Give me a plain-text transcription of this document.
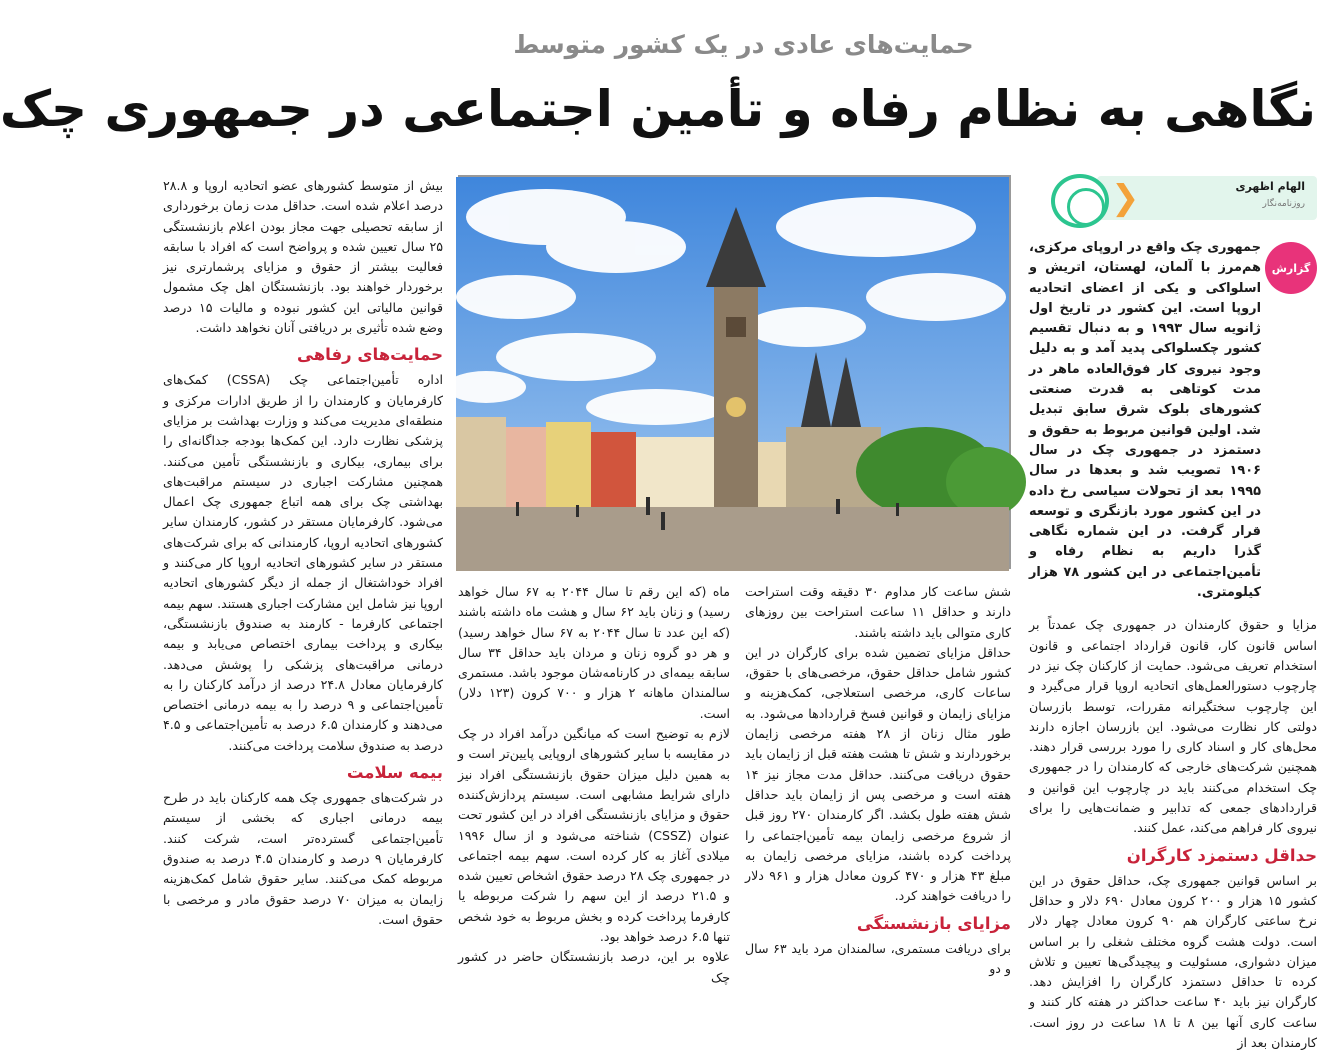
حمایت‌های عادی در یک کشور متوسط
نگاهی به نظام رفاه و تأمین اجتماعی در جمهوری چک
❯	الهام اظهری
روزنامه‌نگار
گزارش

جمهوری چک واقع در اروپای مرکزی، هم‌مرز با آلمان، لهستان، اتریش و اسلواکی و یکی از اعضای اتحادیه اروپا است. این کشور در تاریخ اول ژانویه سال ۱۹۹۳ و به دنبال تقسیم کشور چکسلواکی پدید آمد و به دلیل وجود نیروی کار فوق‌العاده ماهر در مدت کوتاهی به قدرت صنعتی کشورهای بلوک شرق سابق تبدیل شد. اولین قوانین مربوط به حقوق و دستمزد در جمهوری چک در سال ۱۹۰۶ تصویب شد و بعدها در سال ۱۹۹۵ بعد از تحولات سیاسی رخ داده در این کشور مورد بازنگری و توسعه قرار گرفت. در این شماره نگاهی گذرا داریم به نظام رفاه و تأمین‌اجتماعی در این کشور ۷۸ هزار کیلومتری.

مزایا و حقوق کارمندان در جمهوری چک عمدتاً بر اساس قانون کار، قانون قرارداد اجتماعی و قانون استخدام تعریف می‌شود. حمایت از کارکنان چک نیز در چارچوب دستورالعمل‌های اتحادیه اروپا قرار می‌گیرد و این چارچوب سختگیرانه مقررات، توسط بازرسان دولتی کار نظارت می‌شود. این بازرسان اجازه دارند محل‌های کار و اسناد کاری را مورد بررسی قرار دهند. همچنین شرکت‌های خارجی که کارمندان را در جمهوری چک استخدام می‌کنند باید در چارچوب این قوانین و قراردادهای جمعی که تدابیر و ضمانت‌هایی را برای نیروی کار فراهم می‌کند، عمل کنند.

حداقل دستمزد کارگران

بر اساس قوانین جمهوری چک، حداقل حقوق در این کشور ۱۵ هزار و ۲۰۰ کرون معادل ۶۹۰ دلار و حداقل نرخ ساعتی کارگران هم ۹۰ کرون معادل چهار دلار است. دولت هشت گروه مختلف شغلی را بر اساس میزان دشواری، مسئولیت و پیچیدگی‌ها تعیین و تلاش کرده تا حداقل دستمزد کارگران را افزایش دهد. کارگران نیز باید ۴۰ ساعت حداکثر در هفته کار کنند و ساعت کاری آنها بین ۸ تا ۱۸ ساعت در روز است. کارمندان بعد از

شش ساعت کار مداوم ۳۰ دقیقه وقت استراحت دارند و حداقل ۱۱ ساعت استراحت بین روزهای کاری متوالی باید داشته باشند.

حداقل مزایای تضمین شده برای کارگران در این کشور شامل حداقل حقوق، مرخصی‌های با حقوق، ساعات کاری، مرخصی استعلاجی، کمک‌هزینه و مزایای زایمان و قوانین فسخ قراردادها می‌شود. به طور مثال زنان از ۲۸ هفته مرخصی زایمان برخوردارند و شش تا هشت هفته قبل از زایمان باید حقوق دریافت می‌کنند. حداقل مدت مجاز نیز ۱۴ هفته است و مرخصی پس از زایمان باید حداقل شش هفته طول بکشد. اگر کارمندان ۲۷۰ روز قبل از شروع مرخصی زایمان بیمه تأمین‌اجتماعی را پرداخت کرده باشند، مزایای مرخصی زایمان به مبلغ ۴۳ هزار و ۴۷۰ کرون معادل هزار و ۹۶۱ دلار را دریافت خواهند کرد.

مزایای بازنشستگی

برای دریافت مستمری، سالمندان مرد باید ۶۳ سال و دو

ماه (که این رقم تا سال ۲۰۴۴ به ۶۷ سال خواهد رسید) و زنان باید ۶۲ سال و هشت ماه داشته باشند (که این عدد تا سال ۲۰۴۴ به ۶۷ سال خواهد رسید) و هر دو گروه زنان و مردان باید حداقل ۳۴ سال سابقه بیمه‌ای در کارنامه‌شان موجود باشد. مستمری سالمندان ماهانه ۲ هزار و ۷۰۰ کرون (۱۲۳ دلار) است.

لازم به توضیح است که میانگین درآمد افراد در چک در مقایسه با سایر کشورهای اروپایی پایین‌تر است و به همین دلیل میزان حقوق بازنشستگی افراد نیز دارای شرایط مشابهی است. سیستم پردازش‌کننده حقوق و مزایای بازنشستگی افراد در این کشور تحت عنوان (CSSZ) شناخته می‌شود و از سال ۱۹۹۶ میلادی آغاز به کار کرده است. سهم بیمه اجتماعی در جمهوری چک ۲۸ درصد حقوق اشخاص تعیین شده و ۲۱.۵ درصد از این سهم را شرکت مربوطه یا کارفرما پرداخت کرده و بخش مربوط به خود شخص تنها ۶.۵ درصد خواهد بود.

علاوه بر این، درصد بازنشستگان حاضر در کشور چک

بیش از متوسط کشورهای عضو اتحادیه اروپا و ۲۸.۸ درصد اعلام شده است. حداقل مدت زمان برخورداری از سابقه تحصیلی جهت مجاز بودن اعلام بازنشستگی ۲۵ سال تعیین شده و پرواضح است که افراد با سابقه فعالیت بیشتر از حقوق و مزایای پرشمارتری نیز برخوردار خواهند بود. بازنشستگان اهل چک مشمول قوانین مالیاتی این کشور نبوده و مالیات ۱۵ درصد وضع شده تأثیری بر دریافتی آنان نخواهد داشت.

حمایت‌های رفاهی

اداره تأمین‌اجتماعی چک (CSSA) کمک‌های کارفرمایان و کارمندان را از طریق ادارات مرکزی و منطقه‌ای مدیریت می‌کند و وزارت بهداشت بر مزایای پزشکی نظارت دارد. این کمک‌ها بودجه جداگانه‌ای را برای بیماری، بیکاری و بازنشستگی تأمین می‌کنند. همچنین مشارکت اجباری در سیستم مراقبت‌های بهداشتی چک برای همه اتباع جمهوری چک اعمال می‌شود. کارفرمایان مستقر در کشور، کارمندان سایر کشورهای اتحادیه اروپا، کارمندانی که برای شرکت‌های مستقر در سایر کشورهای اتحادیه اروپا کار می‌کنند و افراد خوداشتغال از جمله از دیگر کشورهای اتحادیه اروپا نیز شامل این مشارکت اجباری هستند. سهم بیمه اجتماعی کارفرما - کارمند به صندوق بازنشستگی، بیکاری و پرداخت بیماری اختصاص می‌یابد و بیمه درمانی مراقبت‌های پزشکی را پوشش می‌دهد. کارفرمایان معادل ۲۴.۸ درصد از درآمد کارکنان را به تأمین‌اجتماعی و ۹ درصد را به بیمه درمانی اختصاص می‌دهند و کارمندان ۶.۵ درصد به تأمین‌اجتماعی و ۴.۵ درصد به صندوق سلامت پرداخت می‌کنند.

بیمه سلامت

در شرکت‌های جمهوری چک همه کارکنان باید در طرح بیمه درمانی اجباری که بخشی از سیستم تأمین‌اجتماعی گسترده‌تر است، شرکت کنند. کارفرمایان ۹ درصد و کارمندان ۴.۵ درصد به صندوق مربوطه کمک می‌کنند. سایر حقوق شامل کمک‌هزینه زایمان به میزان ۷۰ درصد حقوق مادر و مرخصی با حقوق است.
